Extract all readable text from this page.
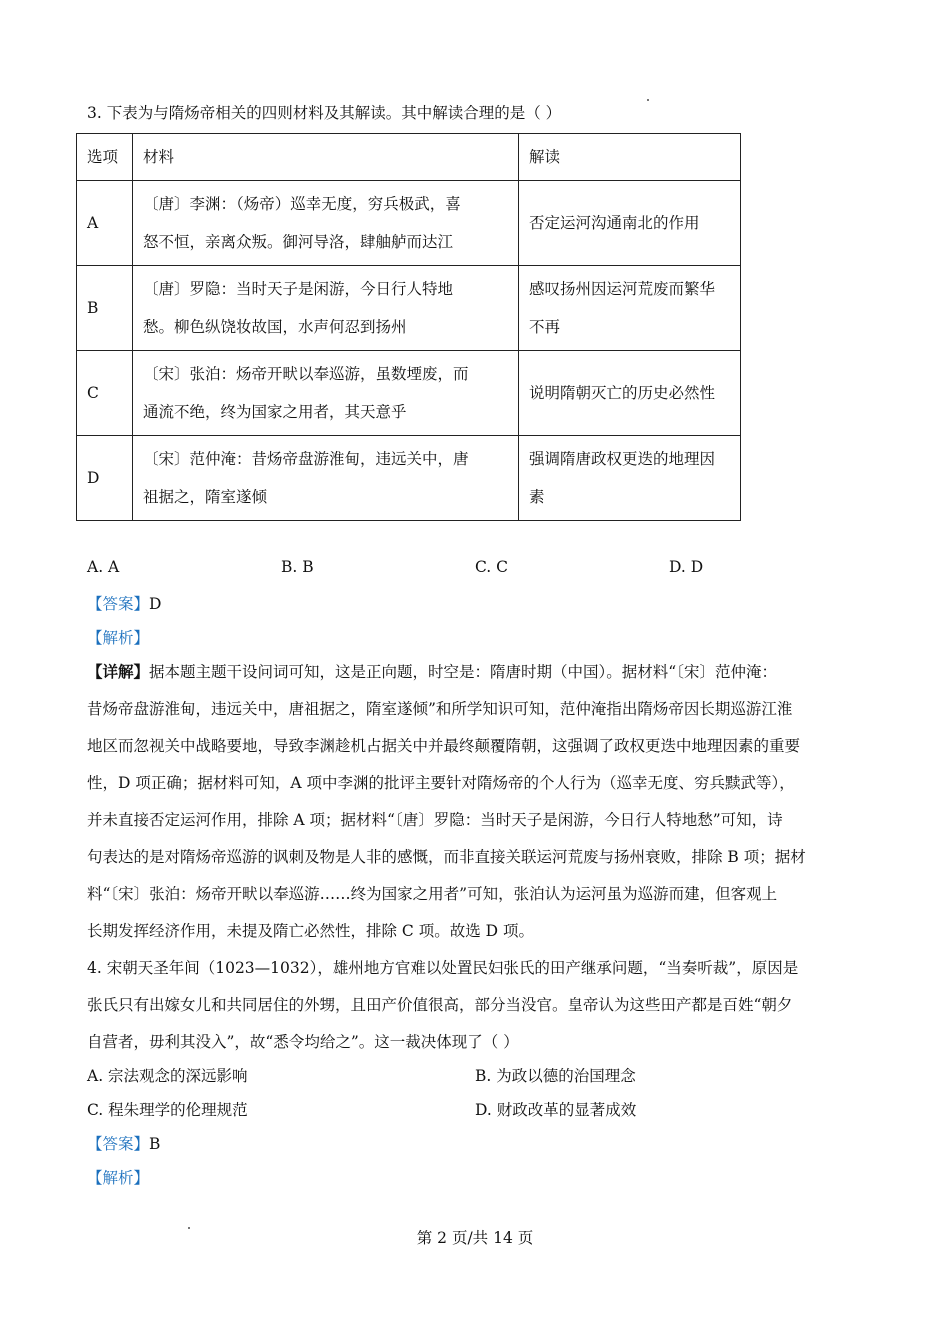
3. 下表为与隋炀帝相关的四则材料及其解读。其中解读合理的是（ ）
选项	材料	解读
A	〔唐〕李渊：（炀帝）巡幸无度，穷兵极武，喜
怒不恒，亲离众叛。御河导洛，肆舳舻而达江	否定运河沟通南北的作用
B	〔唐〕罗隐：当时天子是闲游，今日行人特地
愁。柳色纵饶妆故国，水声何忍到扬州	感叹扬州因运河荒废而繁华
不再
C	〔宋〕张泊：炀帝开畎以奉巡游，虽数堙废，而
通流不绝，终为国家之用者，其天意乎	说明隋朝灭亡的历史必然性
D	〔宋〕范仲淹：昔炀帝盘游淮甸，违远关中，唐
祖据之，隋室遂倾	强调隋唐政权更迭的地理因
素
A. A	B. B	C. C	D. D
【答案】D
【解析】
【详解】据本题主题干设问词可知，这是正向题，时空是：隋唐时期（中国）。据材料“〔宋〕范仲淹：
昔炀帝盘游淮甸，违远关中，唐祖据之，隋室遂倾”和所学知识可知，范仲淹指出隋炀帝因长期巡游江淮
地区而忽视关中战略要地，导致李渊趁机占据关中并最终颠覆隋朝，这强调了政权更迭中地理因素的重要
性，D 项正确；据材料可知，A 项中李渊的批评主要针对隋炀帝的个人行为（巡幸无度、穷兵黩武等），
并未直接否定运河作用，排除 A 项；据材料“〔唐〕罗隐：当时天子是闲游，今日行人特地愁”可知，诗
句表达的是对隋炀帝巡游的讽刺及物是人非的感慨，而非直接关联运河荒废与扬州衰败，排除 B 项；据材
料“〔宋〕张泊：炀帝开畎以奉巡游……终为国家之用者”可知，张泊认为运河虽为巡游而建，但客观上
长期发挥经济作用，未提及隋亡必然性，排除 C 项。故选 D 项。
4. 宋朝天圣年间（1023—1032），雄州地方官难以处置民妇张氏的田产继承问题，“当奏听裁”，原因是
张氏只有出嫁女儿和共同居住的外甥，且田产价值很高，部分当没官。皇帝认为这些田产都是百姓“朝夕
自营者，毋利其没入”，故“悉令均给之”。这一裁决体现了（ ）
A. 宗法观念的深远影响	B. 为政以德的治国理念
C. 程朱理学的伦理规范	D. 财政改革的显著成效
【答案】B
【解析】
第 2 页/共 14 页
